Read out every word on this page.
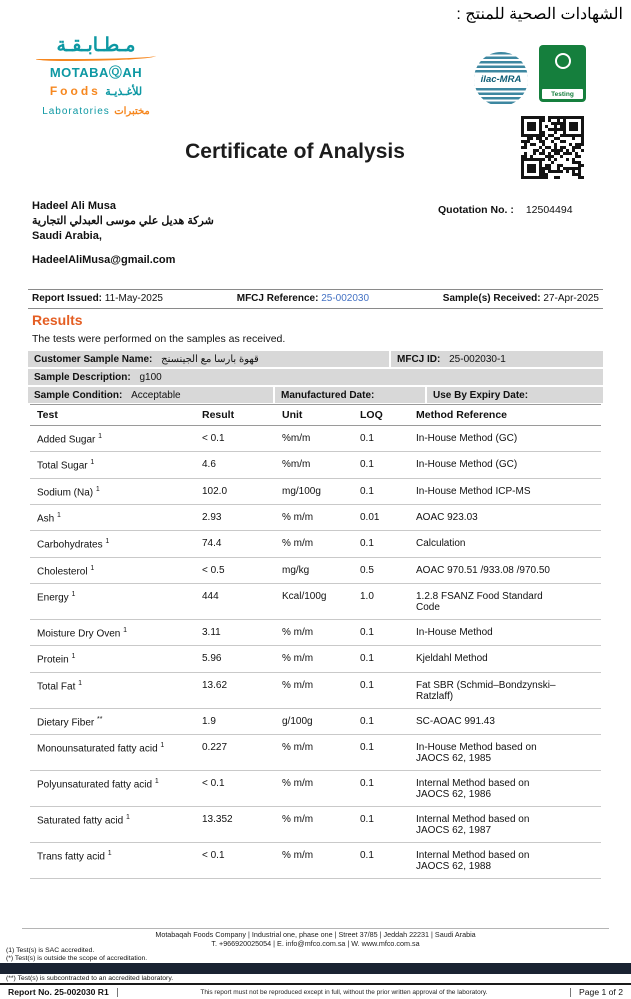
الشهادات الصحية للمنتج :
مـطـابـقـة
MOTABAⓆAH
Foods للأغـذيـة
Laboratories مختبرات
ilac-MRA
Testing
Certificate of Analysis
Hadeel Ali Musa
شركة هديل علي موسى العبدلي التجارية
Saudi Arabia,
HadeelAliMusa@gmail.com
Quotation No. : 12504494
Report Issued: 11-May-2025	MFCJ Reference: 25-002030	Sample(s) Received: 27-Apr-2025
Results
The tests were performed on the samples as received.
Customer Sample Name: قهوة بارسا مع الجينسنج	MFCJ ID: 25-002030-1
Sample Description: g100
Sample Condition: Acceptable	Manufactured Date:	Use By Expiry Date:
Test	Result	Unit	LOQ	Method Reference
Added Sugar $^1$	< 0.1	%m/m	0.1	In-House Method (GC)
Total Sugar $^1$	4.6	%m/m	0.1	In-House Method (GC)
Sodium (Na) $^1$	102.0	mg/100g	0.1	In-House Method ICP-MS
Ash $^1$	2.93	% m/m	0.01	AOAC 923.03
Carbohydrates $^1$	74.4	% m/m	0.1	Calculation
Cholesterol $^1$	< 0.5	mg/kg	0.5	AOAC 970.51 /933.08 /970.50
Energy $^1$	444	Kcal/100g	1.0	1.2.8 FSANZ Food Standard Code
Moisture Dry Oven $^1$	3.11	% m/m	0.1	In-House Method
Protein $^1$	5.96	% m/m	0.1	Kjeldahl Method
Total Fat $^1$	13.62	% m/m	0.1	Fat SBR (Schmid–Bondzynski–Ratzlaff)
Dietary Fiber **	1.9	g/100g	0.1	SC-AOAC 991.43
Monounsaturated fatty acid $^1$	0.227	% m/m	0.1	In-House Method based on JAOCS 62, 1985
Polyunsaturated fatty acid $^1$	< 0.1	% m/m	0.1	Internal Method based on JAOCS 62, 1986
Saturated fatty acid $^1$	13.352	% m/m	0.1	Internal Method based on JAOCS 62, 1987
Trans fatty acid $^1$	< 0.1	% m/m	0.1	Internal Method based on JAOCS 62, 1988
Motabaqah Foods Company | Industrial one, phase one | Street 37/85 | Jeddah 22231 | Saudi Arabia
T. +966920025054 | E. info@mfco.com.sa | W. www.mfco.com.sa
(1) Test(s) is SAC accredited.
(*) Test(s) is outside the scope of accreditation.
(**) Test(s) is subcontracted to an accredited laboratory.
Report No. 25-002030 R1	This report must not be reproduced except in full, without the prior written approval of the laboratory.	Page 1 of 2
